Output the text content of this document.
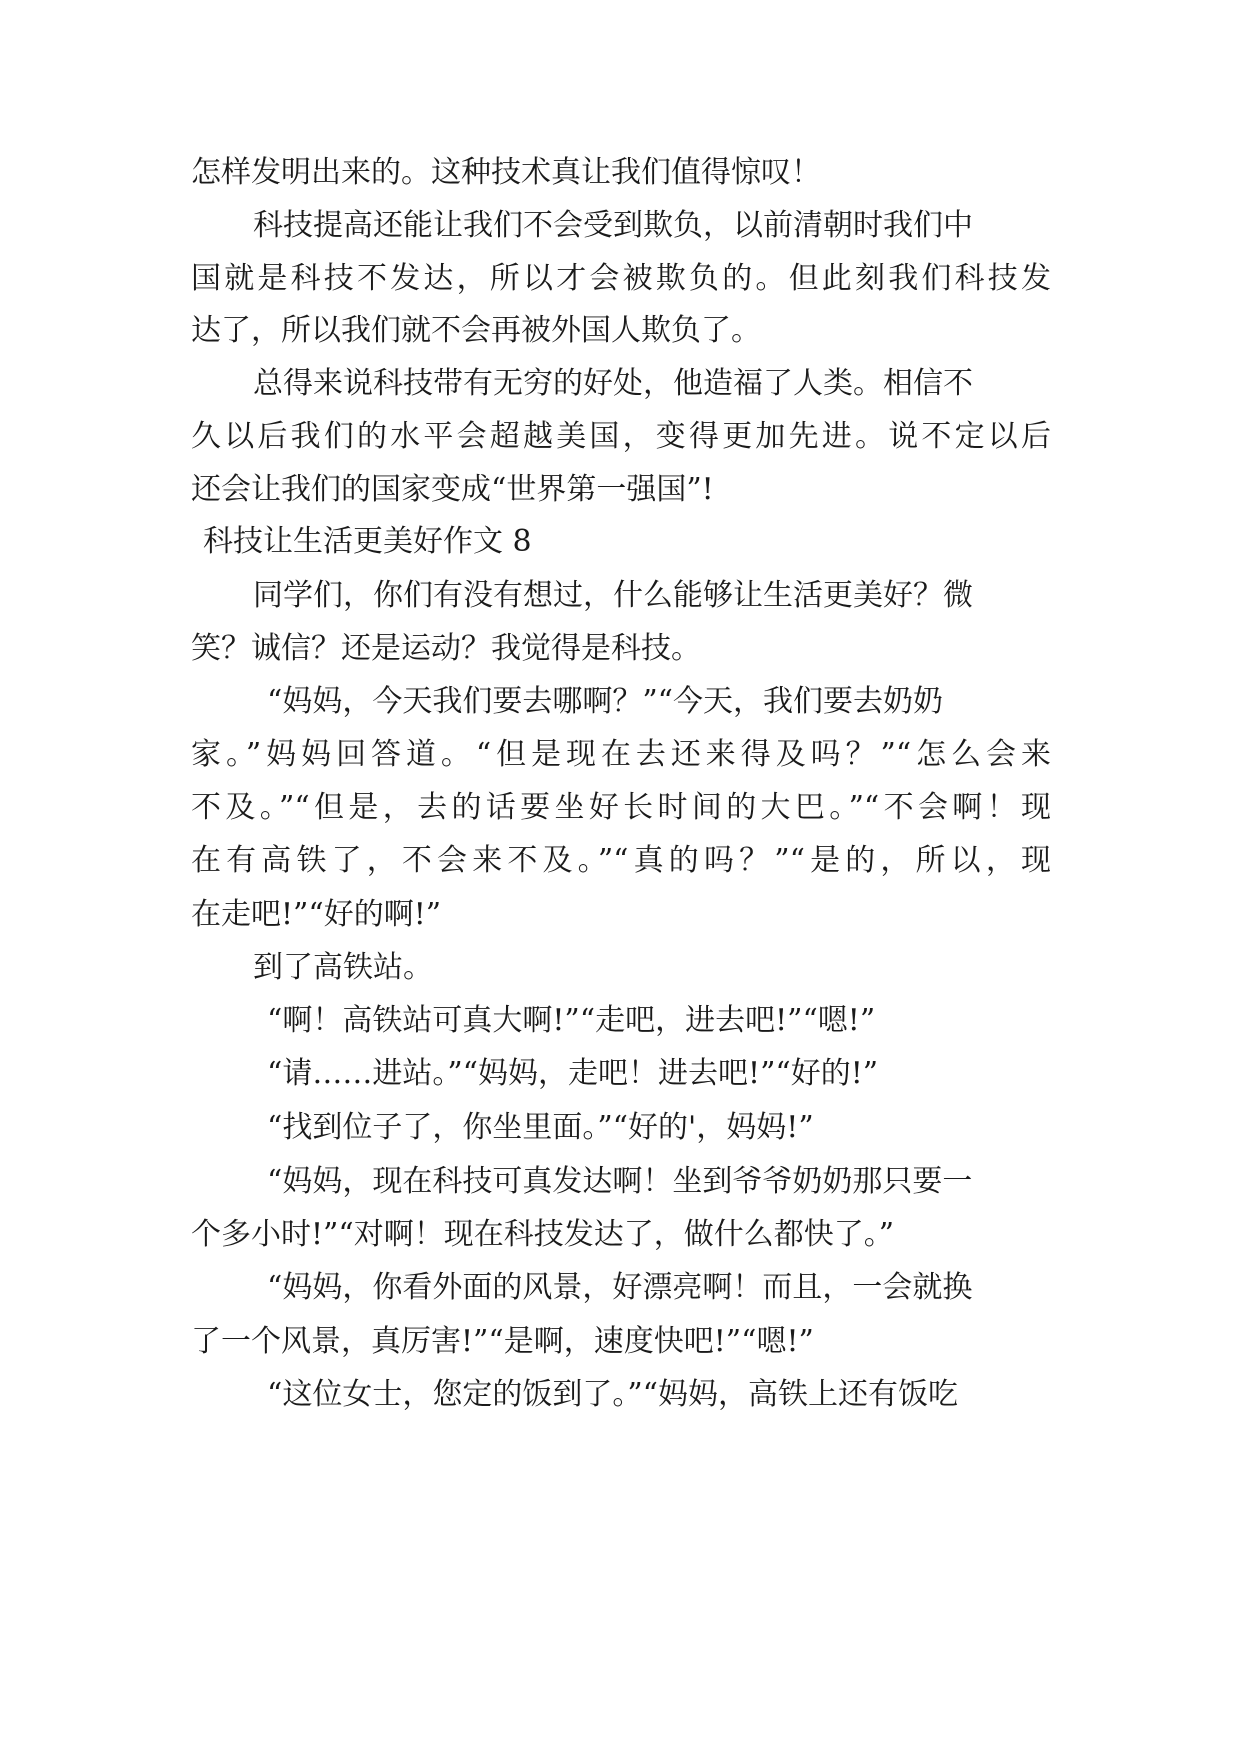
怎样发明出来的。这种技术真让我们值得惊叹！
科技提高还能让我们不会受到欺负，以前清朝时我们中
国就是科技不发达，所以才会被欺负的。但此刻我们科技发
达了，所以我们就不会再被外国人欺负了。
总得来说科技带有无穷的好处，他造福了人类。相信不
久以后我们的水平会超越美国，变得更加先进。说不定以后
还会让我们的国家变成“世界第一强国”!
科技让生活更美好作文 8
同学们，你们有没有想过，什么能够让生活更美好？微
笑？诚信？还是运动？我觉得是科技。
“妈妈，今天我们要去哪啊？”“今天，我们要去奶奶
家。”妈妈回答道。“但是现在去还来得及吗？”“怎么会来
不及。”“但是，去的话要坐好长时间的大巴。”“不会啊！现
在有高铁了，不会来不及。”“真的吗？”“是的，所以，现
在走吧!”“好的啊!”
到了高铁站。
“啊！高铁站可真大啊!”“走吧，进去吧!”“嗯!”
“请……进站。”“妈妈，走吧！进去吧!”“好的!”
“找到位子了，你坐里面。”“好的'，妈妈!”
“妈妈，现在科技可真发达啊！坐到爷爷奶奶那只要一
个多小时!”“对啊！现在科技发达了，做什么都快了。”
“妈妈，你看外面的风景，好漂亮啊！而且，一会就换
了一个风景，真厉害!”“是啊，速度快吧!”“嗯!”
“这位女士，您定的饭到了。”“妈妈，高铁上还有饭吃
